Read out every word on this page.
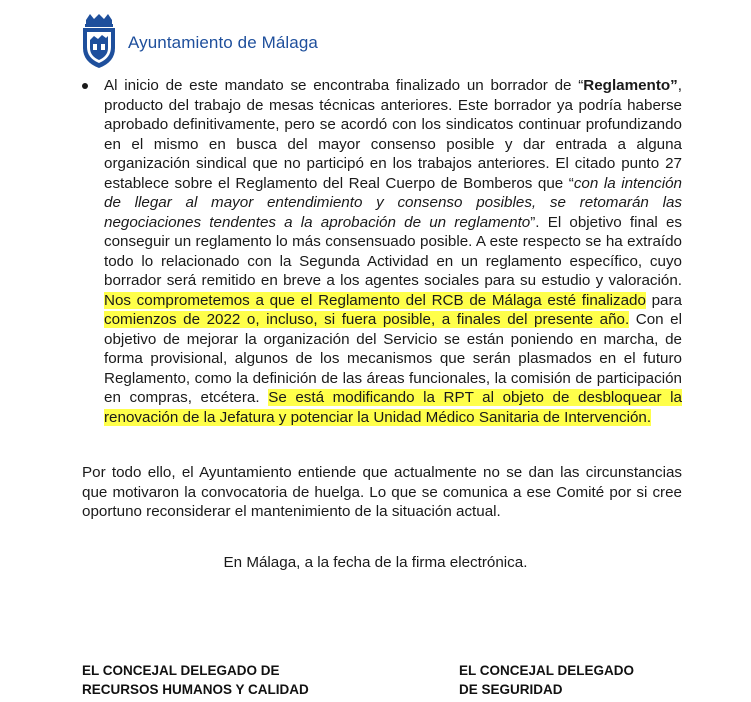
Ayuntamiento de Málaga
Al inicio de este mandato se encontraba finalizado un borrador de “Reglamento”, producto del trabajo de mesas técnicas anteriores. Este borrador ya podría haberse aprobado definitivamente, pero se acordó con los sindicatos continuar profundizando en el mismo en busca del mayor consenso posible y dar entrada a alguna organización sindical que no participó en los trabajos anteriores. El citado punto 27 establece sobre el Reglamento del Real Cuerpo de Bomberos que “con la intención de llegar al mayor entendimiento y consenso posibles, se retomarán las negociaciones tendentes a la aprobación de un reglamento”. El objetivo final es conseguir un reglamento lo más consensuado posible. A este respecto se ha extraído todo lo relacionado con la Segunda Actividad en un reglamento específico, cuyo borrador será remitido en breve a los agentes sociales para su estudio y valoración. Nos comprometemos a que el Reglamento del RCB de Málaga esté finalizado para comienzos de 2022 o, incluso, si fuera posible, a finales del presente año. Con el objetivo de mejorar la organización del Servicio se están poniendo en marcha, de forma provisional, algunos de los mecanismos que serán plasmados en el futuro Reglamento, como la definición de las áreas funcionales, la comisión de participación en compras, etcétera. Se está modificando la RPT al objeto de desbloquear la renovación de la Jefatura y potenciar la Unidad Médico Sanitaria de Intervención.
Por todo ello, el Ayuntamiento entiende que actualmente no se dan las circunstancias que motivaron la convocatoria de huelga. Lo que se comunica a ese Comité por si cree oportuno reconsiderar el mantenimiento de la situación actual.
En Málaga, a la fecha de la firma electrónica.
EL CONCEJAL DELEGADO DE
RECURSOS HUMANOS Y CALIDAD
EL CONCEJAL DELEGADO
DE SEGURIDAD
